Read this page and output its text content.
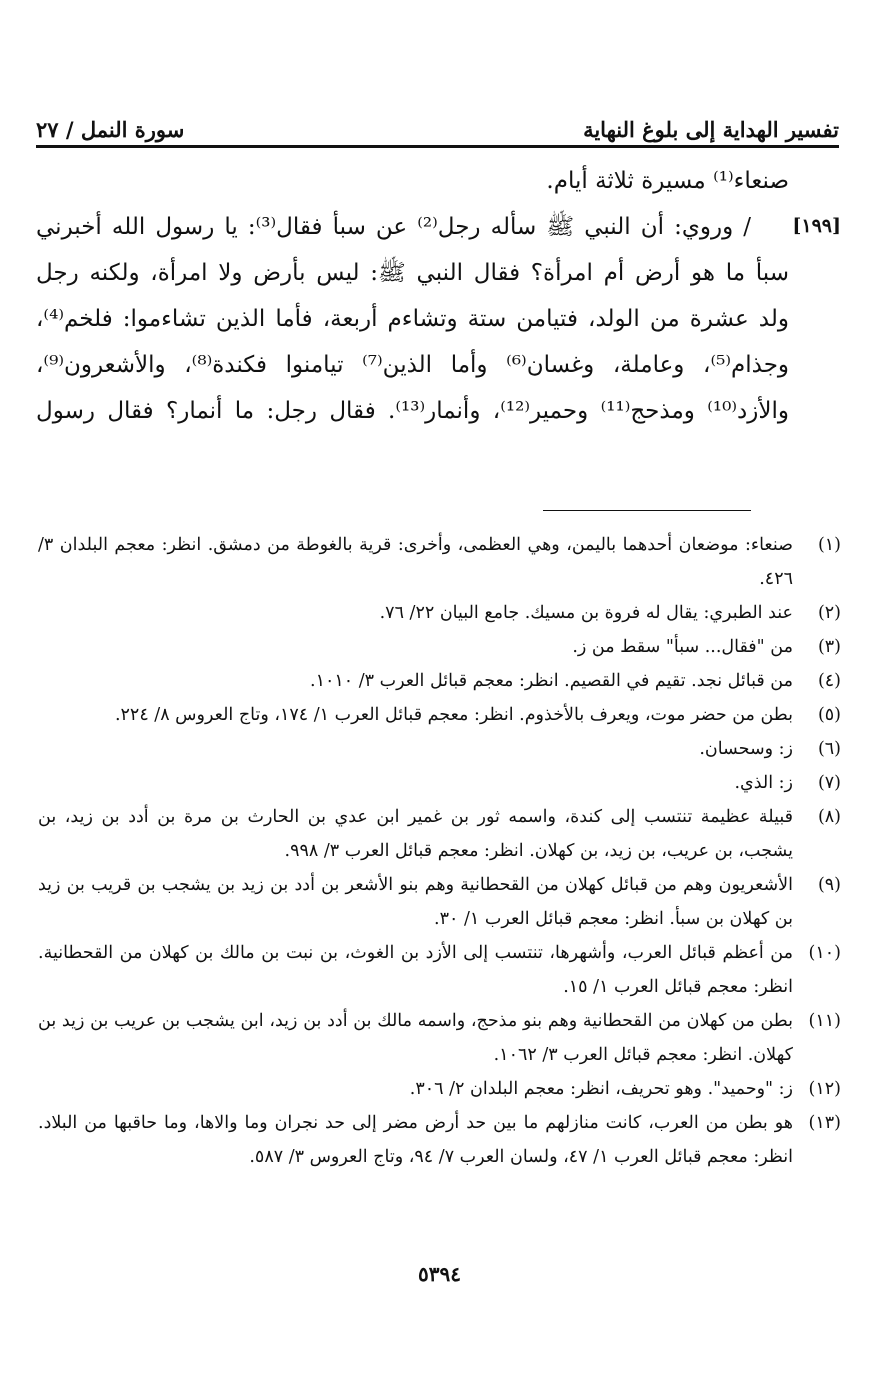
تفسير الهداية إلى بلوغ النهاية
سورة النمل / ٢٧
[١٩٩]
صنعاء⁽¹⁾ مسيرة ثلاثة أيام.
/ وروي: أن النبي ﷺ سأله رجل⁽²⁾ عن سبأ فقال⁽³⁾: يا رسول الله أخبرني
سبأ ما هو أرض أم امرأة؟ فقال النبي ﷺ: ليس بأرض ولا امرأة، ولكنه رجل
ولد عشرة من الولد، فتيامن ستة وتشاءم أربعة، فأما الذين تشاءموا: فلخم⁽⁴⁾،
وجذام⁽⁵⁾، وعاملة، وغسان⁽⁶⁾ وأما الذين⁽⁷⁾ تيامنوا فكندة⁽⁸⁾، والأشعرون⁽⁹⁾،
والأزد⁽¹⁰⁾ ومذحج⁽¹¹⁾ وحمير⁽¹²⁾، وأنمار⁽¹³⁾. فقال رجل: ما أنمار؟ فقال رسول
(١)
صنعاء: موضعان أحدهما باليمن، وهي العظمى، وأخرى: قرية بالغوطة من دمشق. انظر: معجم البلدان ٣/ ٤٢٦.
(٢)
عند الطبري: يقال له فروة بن مسيك. جامع البيان ٢٢/ ٧٦.
(٣)
من "فقال... سبأ" سقط من ز.
(٤)
من قبائل نجد. تقيم في القصيم. انظر: معجم قبائل العرب ٣/ ١٠١٠.
(٥)
بطن من حضر موت، ويعرف بالأخذوم. انظر: معجم قبائل العرب ١/ ١٧٤، وتاج العروس ٨/ ٢٢٤.
(٦)
ز: وسحسان.
(٧)
ز: الذي.
(٨)
قبيلة عظيمة تنتسب إلى كندة، واسمه ثور بن غمير ابن عدي بن الحارث بن مرة بن أدد بن زيد، بن يشجب، بن عريب، بن زيد، بن كهلان. انظر: معجم قبائل العرب ٣/ ٩٩٨.
(٩)
الأشعريون وهم من قبائل كهلان من القحطانية وهم بنو الأشعر بن أدد بن زيد بن يشجب بن قريب بن زيد بن كهلان بن سبأ. انظر: معجم قبائل العرب ١/ ٣٠.
(١٠)
من أعظم قبائل العرب، وأشهرها، تنتسب إلى الأزد بن الغوث، بن نبت بن مالك بن كهلان من القحطانية. انظر: معجم قبائل العرب ١/ ١٥.
(١١)
بطن من كهلان من القحطانية وهم بنو مذحج، واسمه مالك بن أدد بن زيد، ابن يشجب بن عريب بن زيد بن كهلان. انظر: معجم قبائل العرب ٣/ ١٠٦٢.
(١٢)
ز: "وحميد". وهو تحريف، انظر: معجم البلدان ٢/ ٣٠٦.
(١٣)
هو بطن من العرب، كانت منازلهم ما بين حد أرض مضر إلى حد نجران وما والاها، وما حاقبها من البلاد. انظر: معجم قبائل العرب ١/ ٤٧، ولسان العرب ٧/ ٩٤، وتاج العروس ٣/ ٥٨٧.
٥٣٩٤
